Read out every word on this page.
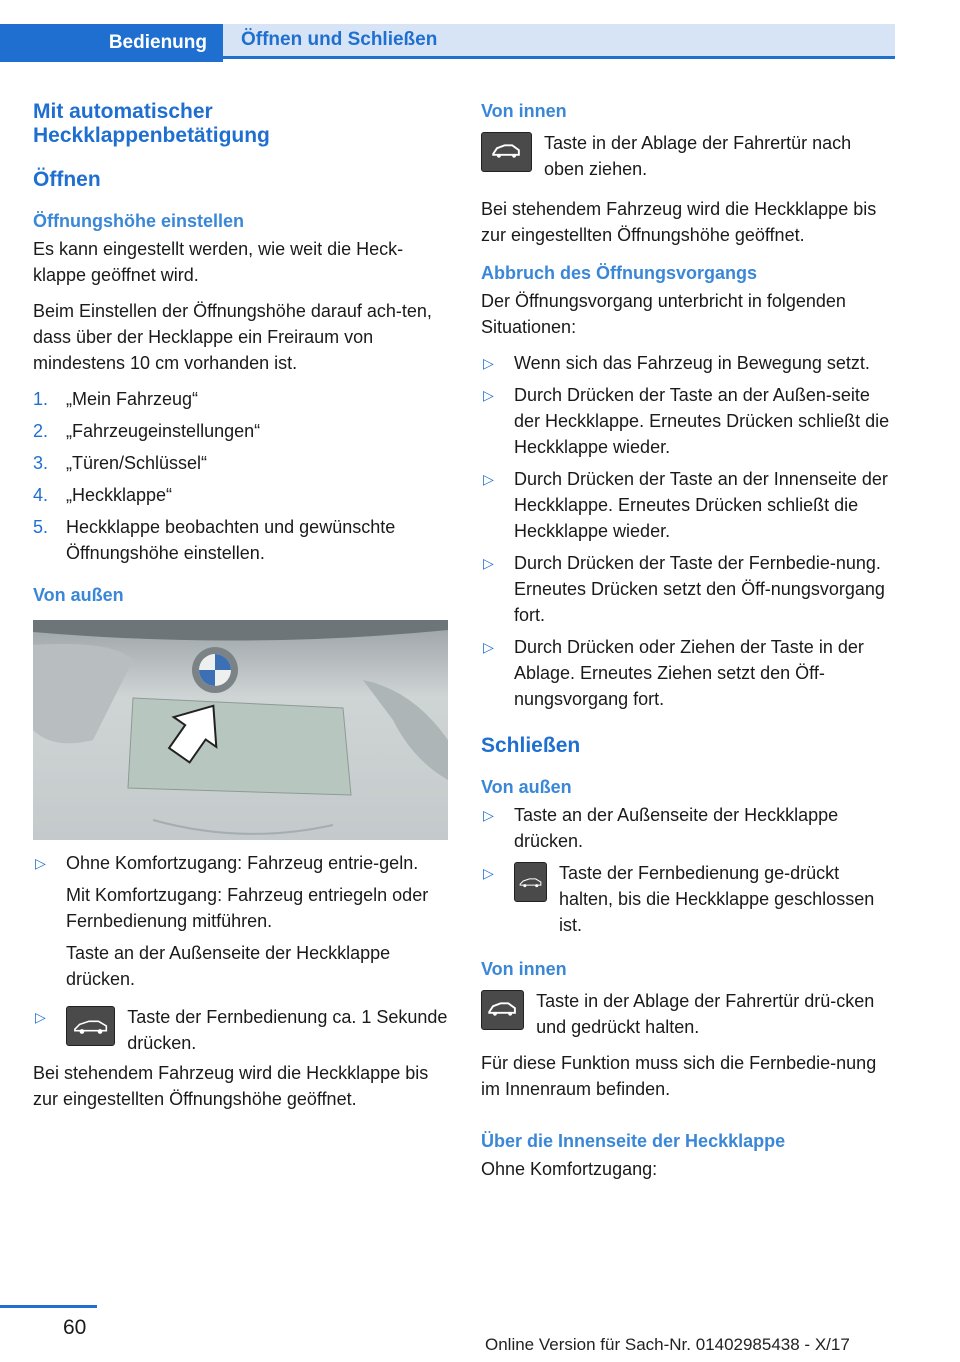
Bedienung	Öffnen und Schließen
Mit automatischer Heckklappenbetätigung
Öffnen
Öffnungshöhe einstellen

Es kann eingestellt werden, wie weit die Heck-klappe geöffnet wird.

Beim Einstellen der Öffnungshöhe darauf ach-ten, dass über der Hecklappe ein Freiraum von mindestens 10 cm vorhanden ist.

1. „Mein Fahrzeug“
2. „Fahrzeugeinstellungen“
3. „Türen/Schlüssel“
4. „Heckklappe“
5. Heckklappe beobachten und gewünschte Öffnungshöhe einstellen.
Von außen
▷ Ohne Komfortzugang: Fahrzeug entrie-geln.

Mit Komfortzugang: Fahrzeug entriegeln oder Fernbedienung mitführen.

Taste an der Außenseite der Heckklappe drücken.

▷	Taste der Fernbedienung ca. 1 Sekunde drücken.

Bei stehendem Fahrzeug wird die Heckklappe bis zur eingestellten Öffnungshöhe geöffnet.

Von innen
Taste in der Ablage der Fahrertür nach oben ziehen.

Bei stehendem Fahrzeug wird die Heckklappe bis zur eingestellten Öffnungshöhe geöffnet.

Abbruch des Öffnungsvorgangs

Der Öffnungsvorgang unterbricht in folgenden Situationen:

▷ Wenn sich das Fahrzeug in Bewegung setzt.
▷ Durch Drücken der Taste an der Außen-seite der Heckklappe. Erneutes Drücken schließt die Heckklappe wieder.
▷ Durch Drücken der Taste an der Innenseite der Heckklappe. Erneutes Drücken schließt die Heckklappe wieder.
▷ Durch Drücken der Taste der Fernbedie-nung. Erneutes Drücken setzt den Öff-nungsvorgang fort.
▷ Durch Drücken oder Ziehen der Taste in der Ablage. Erneutes Ziehen setzt den Öff-nungsvorgang fort.
Schließen
Von außen
▷ Taste an der Außenseite der Heckklappe drücken.
▷	Taste der Fernbedienung ge-drückt halten, bis die Heckklappe geschlossen ist.
Von innen
Taste in der Ablage der Fahrertür drü-cken und gedrückt halten.

Für diese Funktion muss sich die Fernbedie-nung im Innenraum befinden.

Über die Innenseite der Heckklappe

Ohne Komfortzugang:

60
Online Version für Sach-Nr. 01402985438 - X/17
